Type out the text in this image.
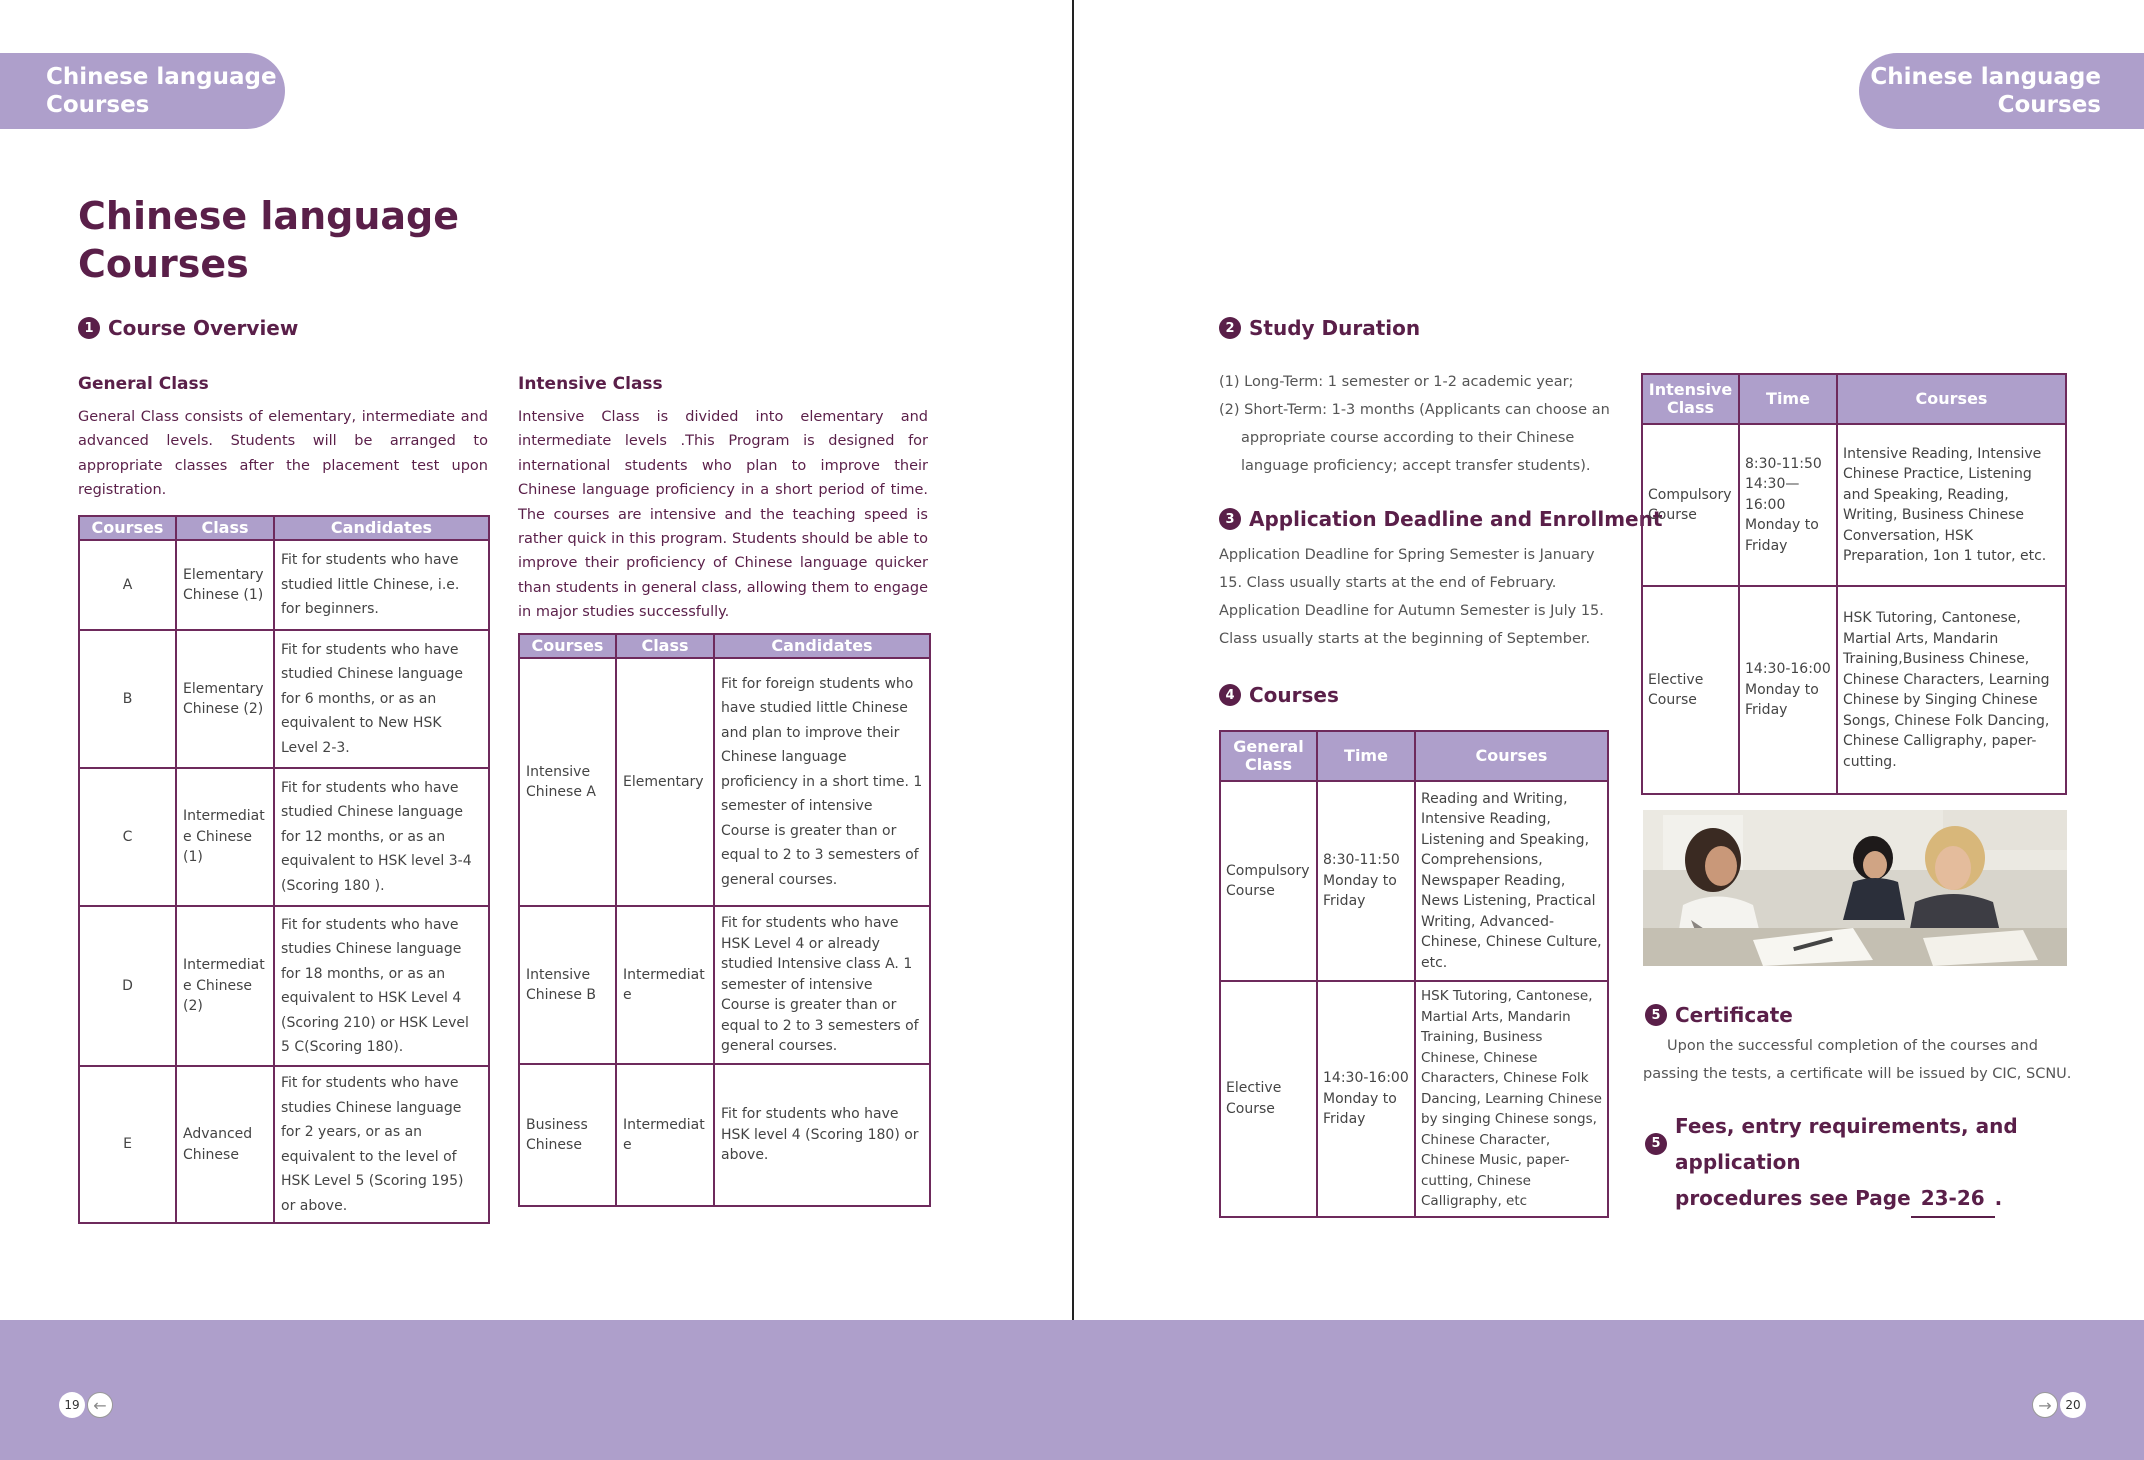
Chinese language
Courses
Chinese language
Courses
Chinese language
Courses
1 Course Overview
General Class

General Class consists of elementary, intermediate and advanced levels. Students will be arranged to appropriate classes after the placement test upon registration.

Courses	Class	Candidates
A	Elementary Chinese (1)	Fit for students who have studied little Chinese, i.e. for beginners.
B	Elementary Chinese (2)	Fit for students who have studied Chinese language for 6 months, or as an equivalent to New HSK Level 2-3.
C	Intermediate Chinese (1)	Fit for students who have studied Chinese language for 12 months, or as an equivalent to HSK level 3-4 (Scoring 180 ).
D	Intermediate Chinese (2)	Fit for students who have studies Chinese language for 18 months, or as an equivalent to HSK Level 4 (Scoring 210) or HSK Level 5 C(Scoring 180).
E	Advanced Chinese	Fit for students who have studies Chinese language for 2 years, or as an equivalent to the level of HSK Level 5 (Scoring 195) or above.
Intensive Class

Intensive Class is divided into elementary and intermediate levels .This Program is designed for international students who plan to improve their Chinese language proficiency in a short period of time. The courses are intensive and the teaching speed is rather quick in this program. Students should be able to improve their proficiency of Chinese language quicker than students in general class, allowing them to engage in major studies successfully.

Courses	Class	Candidates
Intensive Chinese A	Elementary	Fit for foreign students who have studied little Chinese and plan to improve their Chinese language proficiency in a short time. 1 semester of intensive Course is greater than or equal to 2 to 3 semesters of general courses.
Intensive Chinese B	Intermediate	Fit for students who have HSK Level 4 or already studied Intensive class A. 1 semester of intensive Course is greater than or equal to 2 to 3 semesters of general courses.
Business Chinese	Intermediate	Fit for students who have HSK level 4 (Scoring 180) or above.
2 Study Duration

(1) Long-Term: 1 semester or 1-2 academic year;

(2) Short-Term: 1-3 months (Applicants can choose an appropriate course according to their Chinese language proficiency; accept transfer students).

3 Application Deadline and Enrollment

Application Deadline for Spring Semester is January 15. Class usually starts at the end of February.

Application Deadline for Autumn Semester is July 15. Class usually starts at the beginning of September.

4 Courses
General Class	Time	Courses
Compulsory Course	8:30-11:50 Monday to Friday	Reading and Writing, Intensive Reading, Listening and Speaking, Comprehensions, Newspaper Reading, News Listening, Practical Writing, Advanced-Chinese, Chinese Culture, etc.
Elective Course	14:30-16:00 Monday to Friday	HSK Tutoring, Cantonese, Martial Arts, Mandarin Training, Business Chinese, Chinese Characters, Chinese Folk Dancing, Learning Chinese by singing Chinese songs, Chinese Character, Chinese Music, paper-cutting, Chinese Calligraphy, etc
Intensive Class	Time	Courses
Compulsory Course	8:30-11:50 14:30—16:00 Monday to Friday	Intensive Reading, Intensive Chinese Practice, Listening and Speaking, Reading, Writing, Business Chinese Conversation, HSK Preparation, 1on 1 tutor, etc.
Elective Course	14:30-16:00 Monday to Friday	HSK Tutoring, Cantonese, Martial Arts, Mandarin Training,Business Chinese, Chinese Characters, Learning Chinese by Singing Chinese Songs, Chinese Folk Dancing, Chinese Calligraphy, paper-cutting.
5 Certificate
Upon the successful completion of the courses and passing the tests, a certificate will be issued by CIC, SCNU.
5
Fees, entry requirements, and application
procedures see Page 23-26 .
19 ←	→	20
